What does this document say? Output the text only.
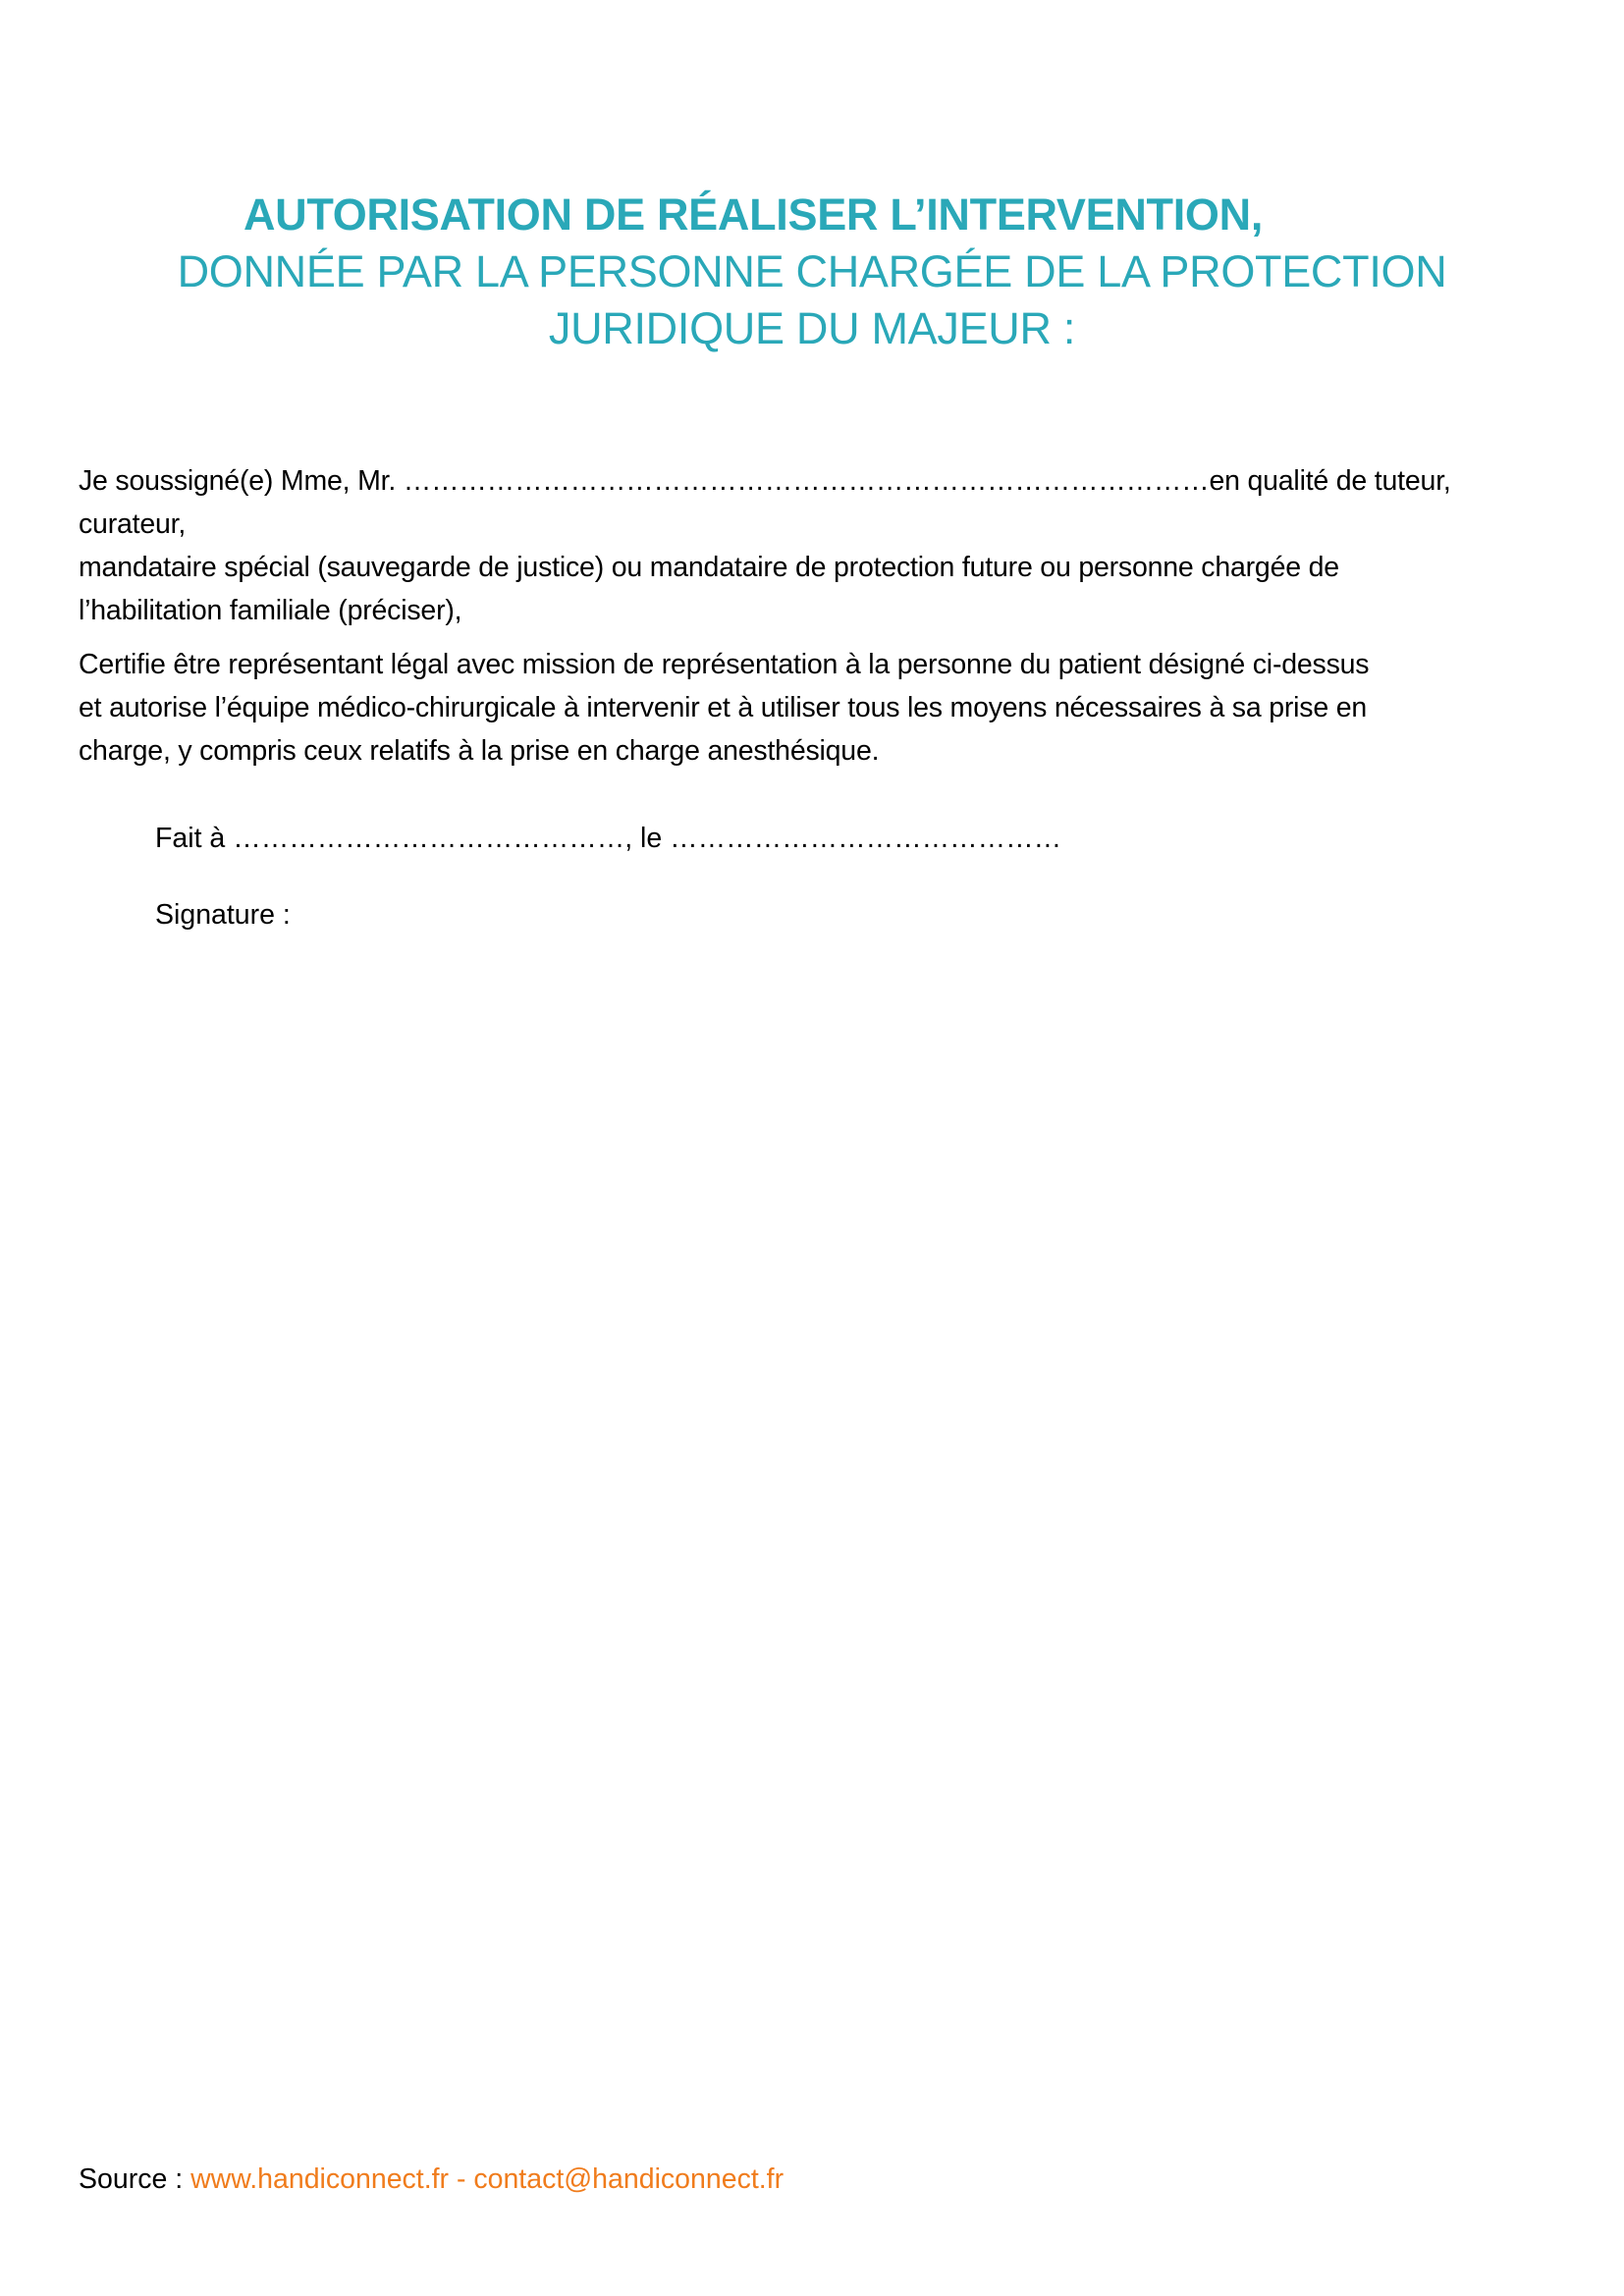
AUTORISATION DE RÉALISER L’INTERVENTION,
DONNÉE PAR LA PERSONNE CHARGÉE DE LA PROTECTION
JURIDIQUE DU MAJEUR :

Je soussigné(e) Mme, Mr. ……………………………………………………………………………en qualité de tuteur, curateur,

mandataire spécial (sauvegarde de justice) ou mandataire de protection future ou personne chargée de

l’habilitation familiale (préciser),

Certifie être représentant légal avec mission de représentation à la personne du patient désigné ci-dessus

et autorise l’équipe médico-chirurgicale à intervenir et à utiliser tous les moyens nécessaires à sa prise en

charge, y compris ceux relatifs à la prise en charge anesthésique.

Fait à ……………………………………, le ……………………………………
Signature :
Source : www.handiconnect.fr - contact@handiconnect.fr
